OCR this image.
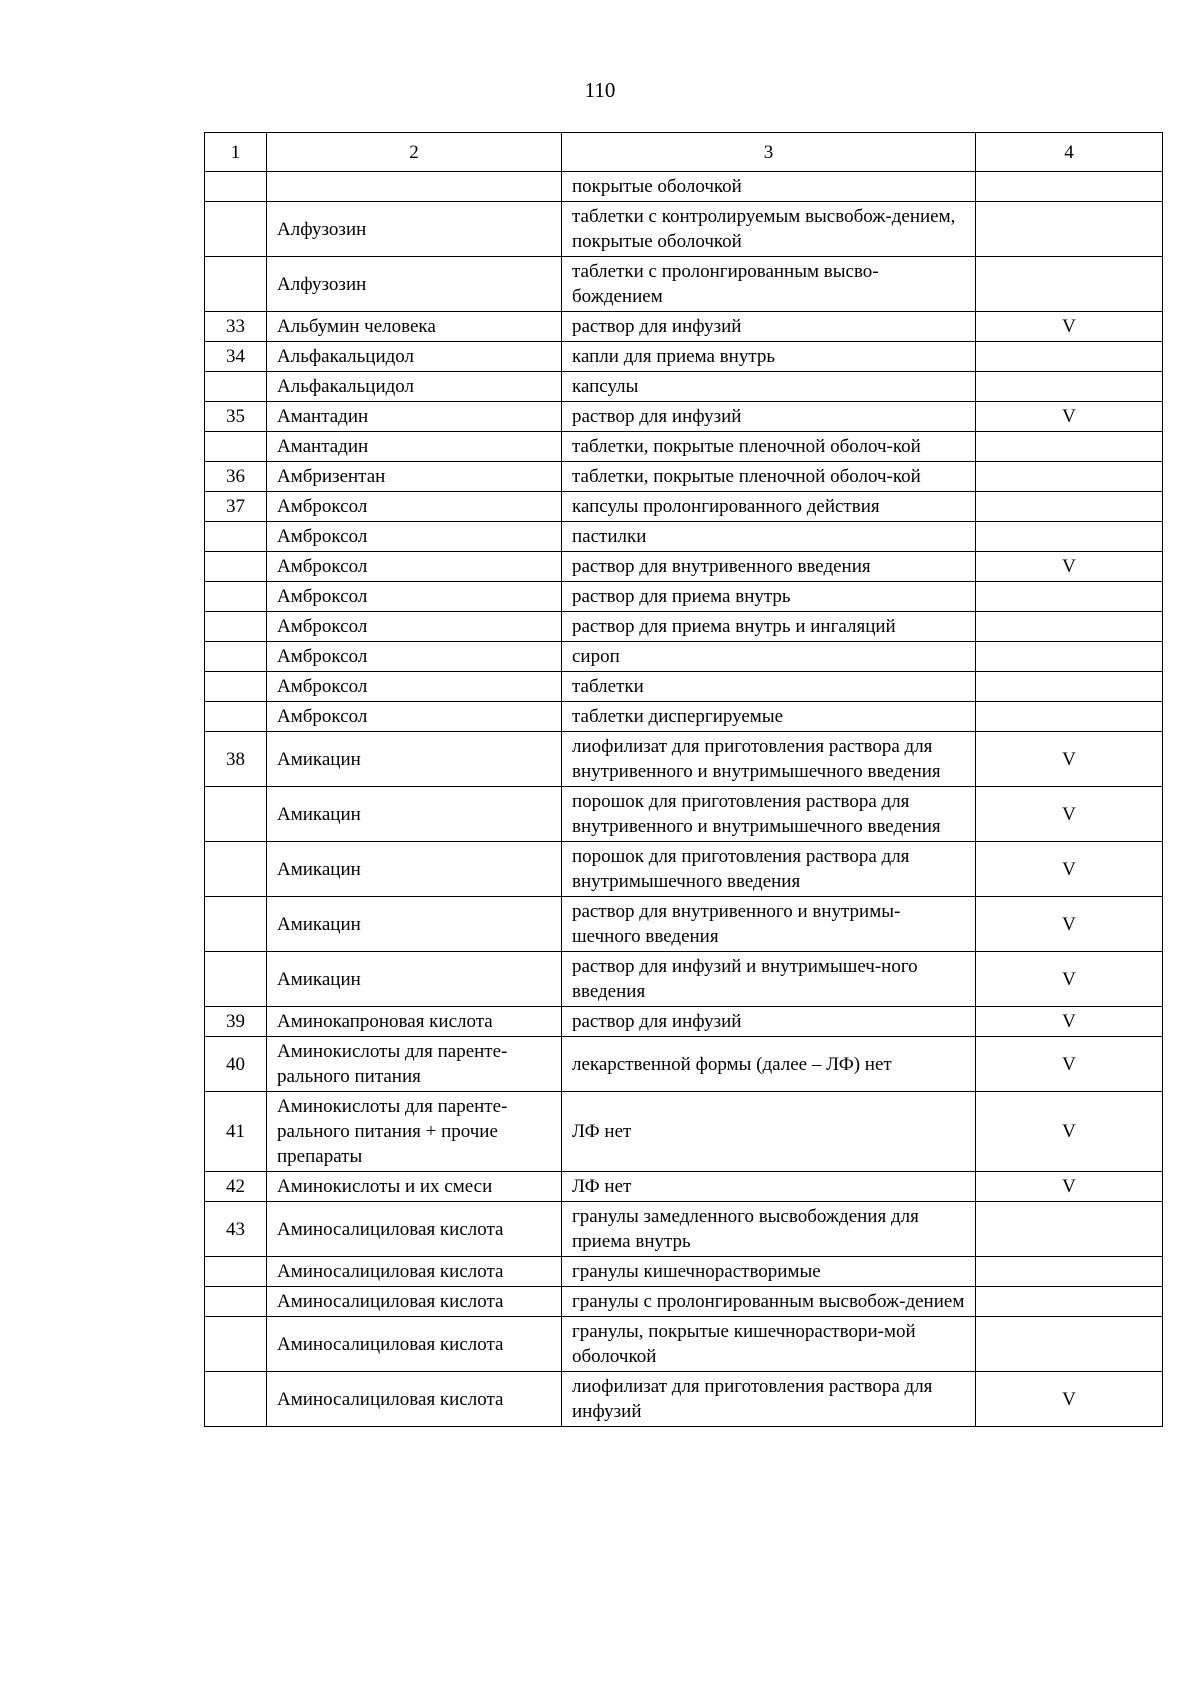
110
1	2	3	4
		покрытые оболочкой	
	Алфузозин	таблетки с контролируемым высвобож-дением, покрытые оболочкой	
	Алфузозин	таблетки с пролонгированным высво-бождением	
33	Альбумин человека	раствор для инфузий	V
34	Альфакальцидол	капли для приема внутрь	
	Альфакальцидол	капсулы	
35	Амантадин	раствор для инфузий	V
	Амантадин	таблетки, покрытые пленочной оболоч-кой	
36	Амбризентан	таблетки, покрытые пленочной оболоч-кой	
37	Амброксол	капсулы пролонгированного действия	
	Амброксол	пастилки	
	Амброксол	раствор для внутривенного введения	V
	Амброксол	раствор для приема внутрь	
	Амброксол	раствор для приема внутрь и ингаляций	
	Амброксол	сироп	
	Амброксол	таблетки	
	Амброксол	таблетки диспергируемые	
38	Амикацин	лиофилизат для приготовления раствора для внутривенного и внутримышечного введения	V
	Амикацин	порошок для приготовления раствора для внутривенного и внутримышечного введения	V
	Амикацин	порошок для приготовления раствора для внутримышечного введения	V
	Амикацин	раствор для внутривенного и внутримы-шечного введения	V
	Амикацин	раствор для инфузий и внутримышеч-ного введения	V
39	Аминокапроновая кислота	раствор для инфузий	V
40	Аминокислоты для паренте-рального питания	лекарственной формы (далее – ЛФ) нет	V
41	Аминокислоты для паренте-рального питания + прочие препараты	ЛФ нет	V
42	Аминокислоты и их смеси	ЛФ нет	V
43	Аминосалициловая кислота	гранулы замедленного высвобождения для приема внутрь	
	Аминосалициловая кислота	гранулы кишечнорастворимые	
	Аминосалициловая кислота	гранулы с пролонгированным высвобож-дением	
	Аминосалициловая кислота	гранулы, покрытые кишечнораствори-мой оболочкой	
	Аминосалициловая кислота	лиофилизат для приготовления раствора для инфузий	V
